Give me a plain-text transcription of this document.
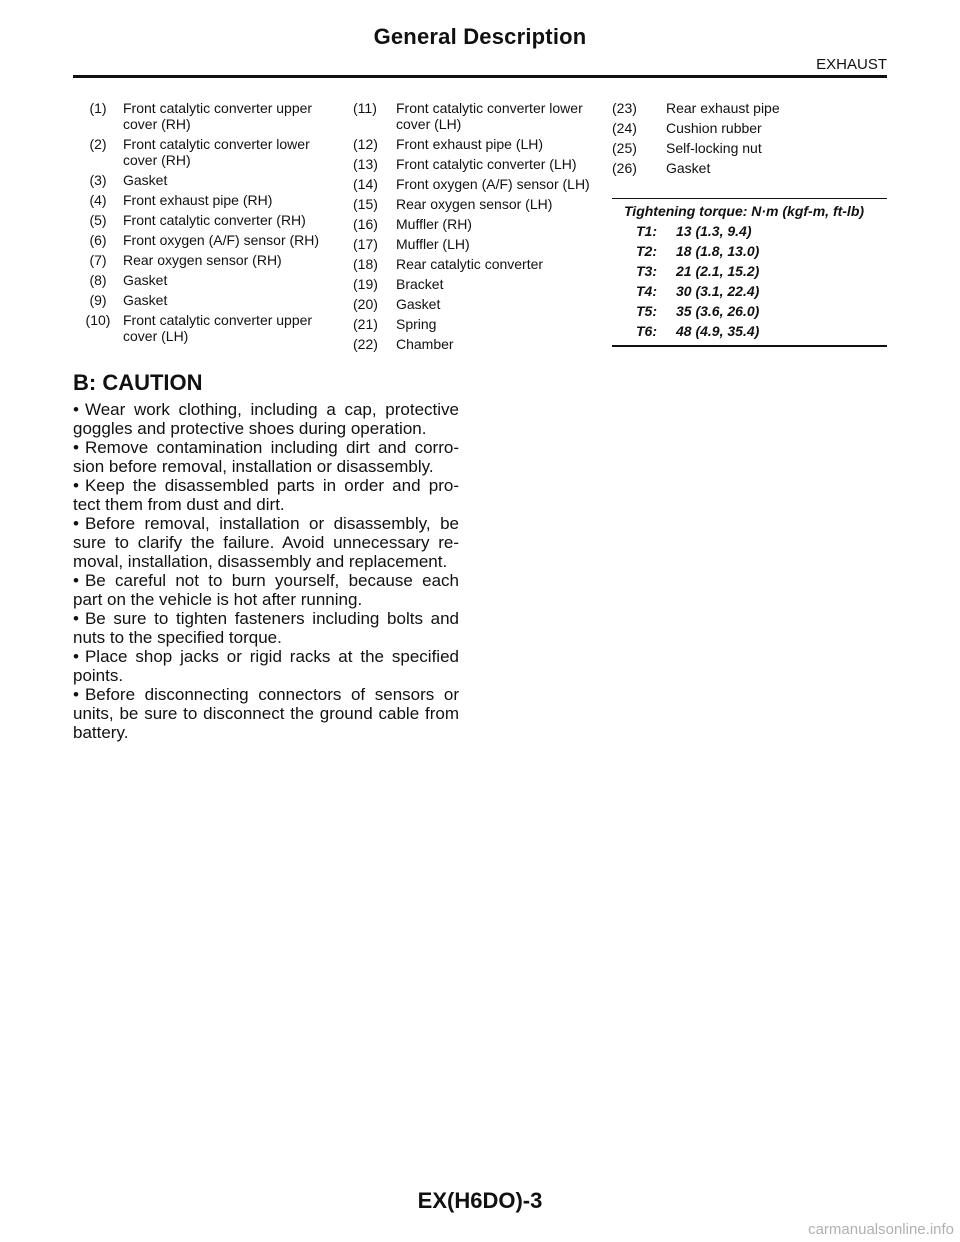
General Description
EXHAUST
(1)	Front catalytic converter upper cover (RH)
(2)	Front catalytic converter lower cover (RH)
(3)	Gasket
(4)	Front exhaust pipe (RH)
(5)	Front catalytic converter (RH)
(6)	Front oxygen (A/F) sensor (RH)
(7)	Rear oxygen sensor (RH)
(8)	Gasket
(9)	Gasket
(10) Front catalytic converter upper cover (LH)
(11)	Front catalytic converter lower cover (LH)
(12)	Front exhaust pipe (LH)
(13)	Front catalytic converter (LH)
(14)	Front oxygen (A/F) sensor (LH)
(15)	Rear oxygen sensor (LH)
(16)	Muffler (RH)
(17)	Muffler (LH)
(18)	Rear catalytic converter
(19)	Bracket
(20)	Gasket
(21)	Spring
(22)	Chamber
(23)	Rear exhaust pipe
(24)	Cushion rubber
(25)	Self-locking nut
(26)	Gasket
Tightening torque: N·m (kgf-m, ft-lb)
T1:	13 (1.3, 9.4)
T2:	18 (1.8, 13.0)
T3:	21 (2.1, 15.2)
T4:	30 (3.1, 22.4)
T5:	35 (3.6, 26.0)
T6:	48 (4.9, 35.4)
B: CAUTION
• Wear work clothing, including a cap, protective goggles and protective shoes during operation.
• Remove contamination including dirt and corro-sion before removal, installation or disassembly.
• Keep the disassembled parts in order and pro-tect them from dust and dirt.
• Before removal, installation or disassembly, be sure to clarify the failure. Avoid unnecessary re-moval, installation, disassembly and replacement.
• Be careful not to burn yourself, because each part on the vehicle is hot after running.
• Be sure to tighten fasteners including bolts and nuts to the specified torque.
• Place shop jacks or rigid racks at the specified points.
• Before disconnecting connectors of sensors or units, be sure to disconnect the ground cable from battery.
EX(H6DO)-3
carmanualsonline.info
